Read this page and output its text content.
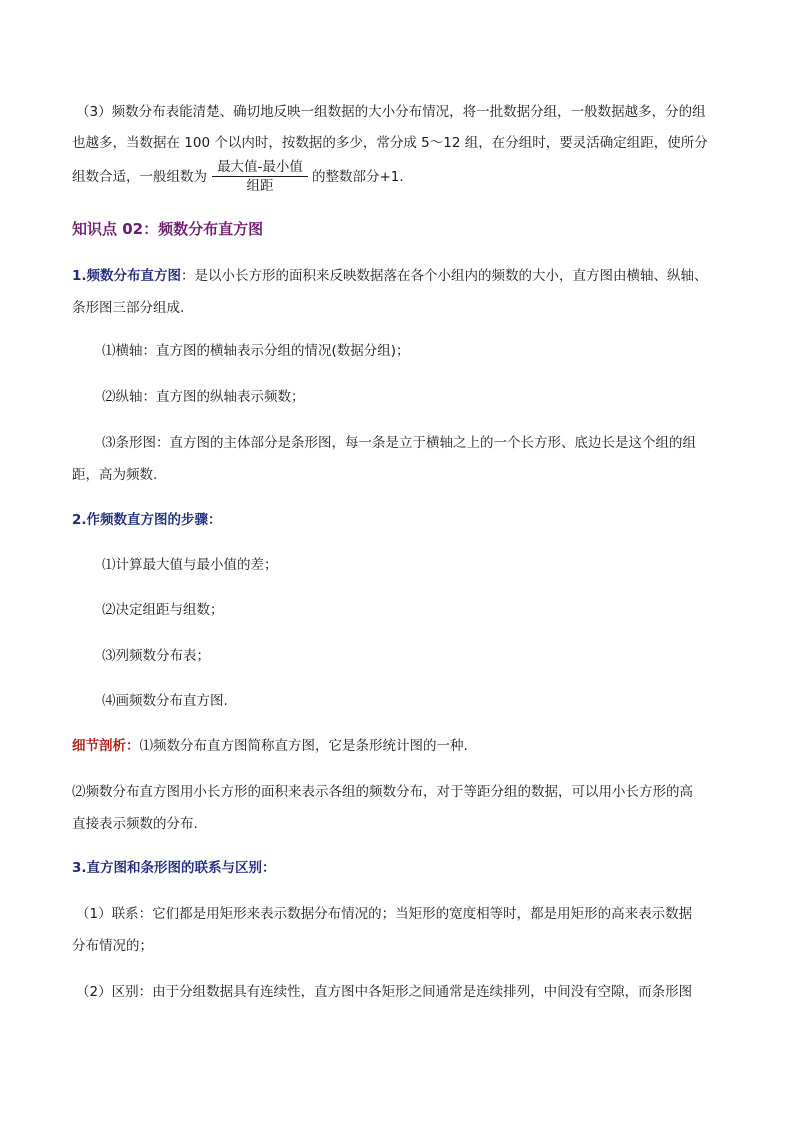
（3）频数分布表能清楚、确切地反映一组数据的大小分布情况，将一批数据分组，一般数据越多，分的组
也越多，当数据在 100 个以内时，按数据的多少，常分成 5～12 组，在分组时，要灵活确定组距，使所分
组数合适，一般组数为
最大值-最小值
组距
的整数部分+1.
知识点 02：频数分布直方图
1.频数分布直方图：是以小长方形的面积来反映数据落在各个小组内的频数的大小，直方图由横轴、纵轴、
条形图三部分组成.
⑴横轴：直方图的横轴表示分组的情况(数据分组)；
⑵纵轴：直方图的纵轴表示频数；
⑶条形图：直方图的主体部分是条形图，每一条是立于横轴之上的一个长方形、底边长是这个组的组
距，高为频数.
2.作频数直方图的步骤：
⑴计算最大值与最小值的差；
⑵决定组距与组数；
⑶列频数分布表；
⑷画频数分布直方图.
细节剖析：⑴频数分布直方图简称直方图，它是条形统计图的一种.
⑵频数分布直方图用小长方形的面积来表示各组的频数分布，对于等距分组的数据，可以用小长方形的高
直接表示频数的分布.
3.直方图和条形图的联系与区别：
（1）联系：它们都是用矩形来表示数据分布情况的；当矩形的宽度相等时，都是用矩形的高来表示数据
分布情况的；
（2）区别：由于分组数据具有连续性，直方图中各矩形之间通常是连续排列，中间没有空隙，而条形图
